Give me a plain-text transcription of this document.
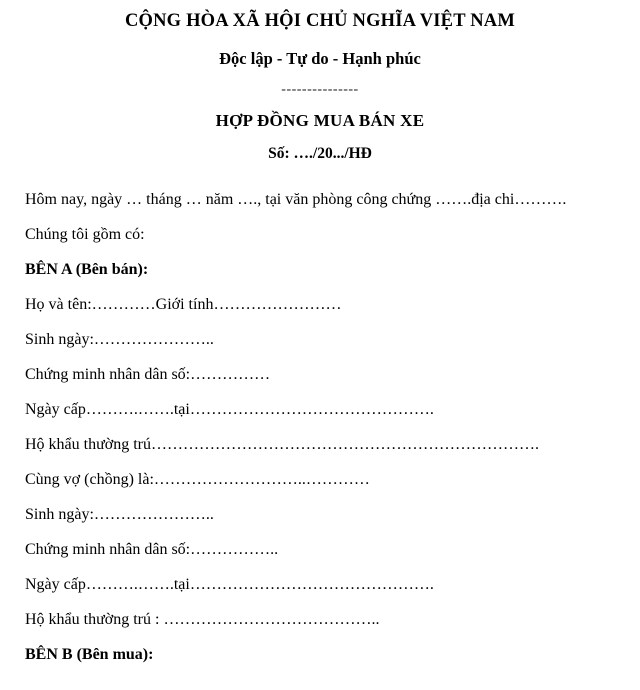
CỘNG HÒA XÃ HỘI CHỦ NGHĨA VIỆT NAM
Độc lập - Tự do - Hạnh phúc
---------------
HỢP ĐỒNG MUA BÁN XE
Số: …./20.../HĐ

Hôm nay, ngày … tháng … năm …., tại văn phòng công chứng …….địa chi……….

Chúng tôi gồm có:

BÊN A (Bên bán):

Họ và tên:…………Giới tính……………………

Sinh ngày:…………………..

Chứng minh nhân dân số:……………

Ngày cấp……….…….tại……………………………………….

Hộ khẩu thường trú……………………………………………………………….

Cùng vợ (chồng) là:………………………..…………

Sinh ngày:…………………..

Chứng minh nhân dân số:……………..

Ngày cấp……….…….tại……………………………………….

Hộ khẩu thường trú : …………………………………..

BÊN B (Bên mua):
